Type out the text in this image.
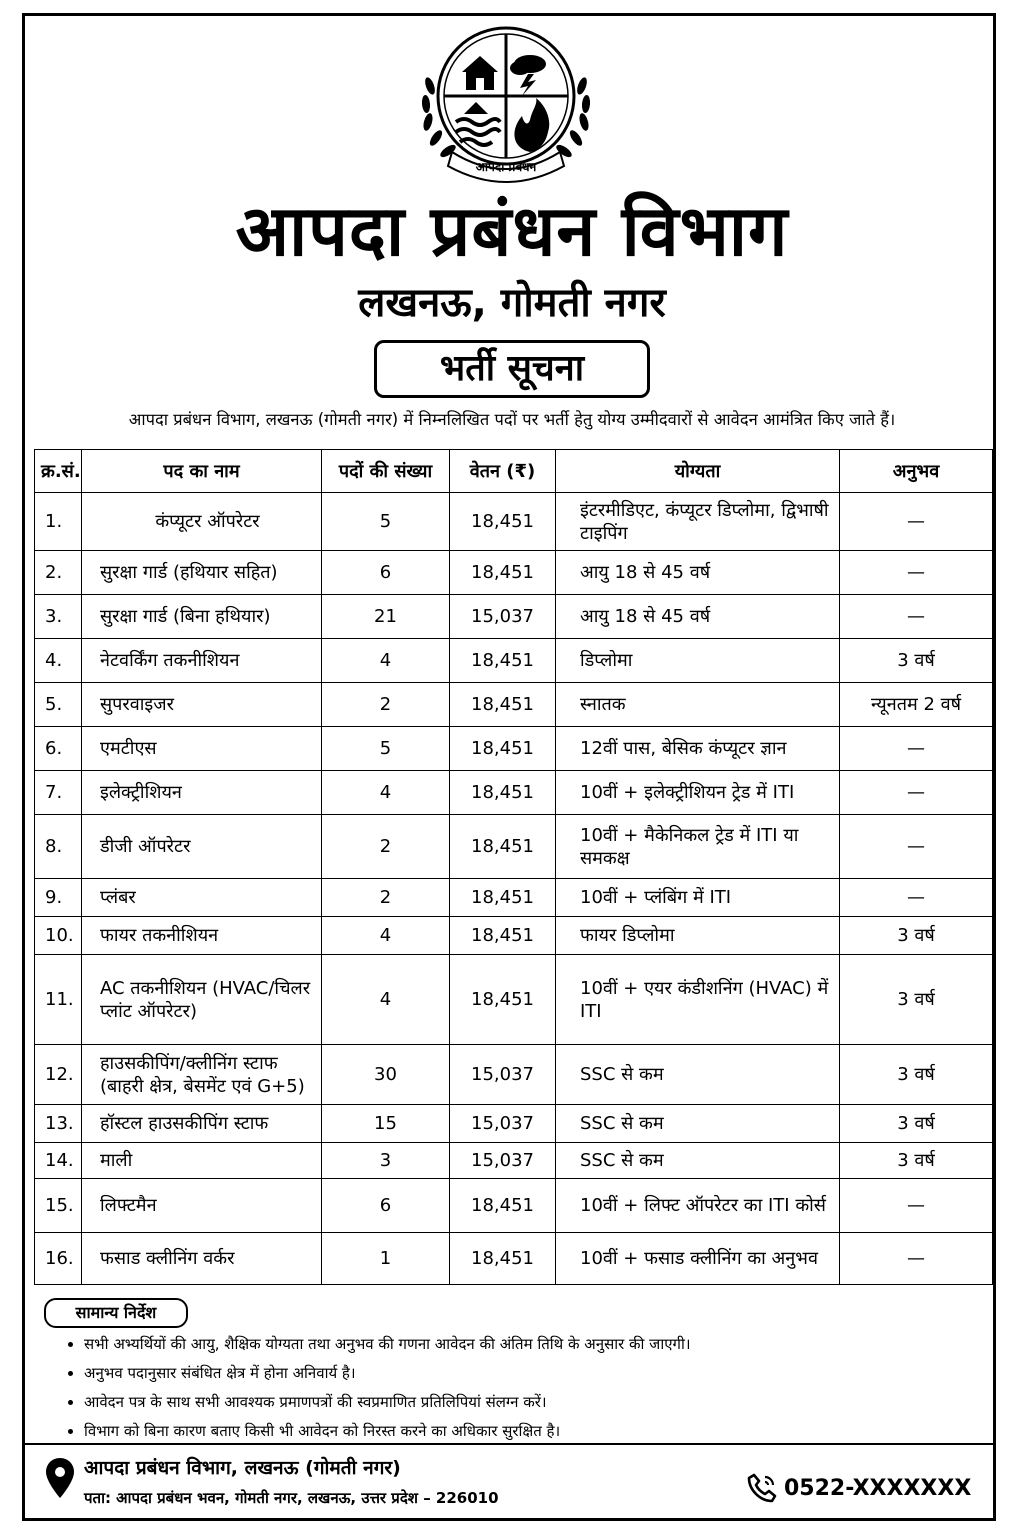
आपदा प्रबंधन
आपदा प्रबंधन विभाग
लखनऊ, गोमती नगर
भर्ती सूचना
आपदा प्रबंधन विभाग, लखनऊ (गोमती नगर) में निम्नलिखित पदों पर भर्ती हेतु योग्य उम्मीदवारों से आवेदन आमंत्रित किए जाते हैं।
क्र.सं.	पद का नाम	पदों की संख्या	वेतन (₹)	योग्यता	अनुभव
1.	कंप्यूटर ऑपरेटर	5	18,451	इंटरमीडिएट, कंप्यूटर डिप्लोमा, द्विभाषी टाइपिंग	—
2.	सुरक्षा गार्ड (हथियार सहित)	6	18,451	आयु 18 से 45 वर्ष	—
3.	सुरक्षा गार्ड (बिना हथियार)	21	15,037	आयु 18 से 45 वर्ष	—
4.	नेटवर्किंग तकनीशियन	4	18,451	डिप्लोमा	3 वर्ष
5.	सुपरवाइजर	2	18,451	स्नातक	न्यूनतम 2 वर्ष
6.	एमटीएस	5	18,451	12वीं पास, बेसिक कंप्यूटर ज्ञान	—
7.	इलेक्ट्रीशियन	4	18,451	10वीं + इलेक्ट्रीशियन ट्रेड में ITI	—
8.	डीजी ऑपरेटर	2	18,451	10वीं + मैकेनिकल ट्रेड में ITI या समकक्ष	—
9.	प्लंबर	2	18,451	10वीं + प्लंबिंग में ITI	—
10.	फायर तकनीशियन	4	18,451	फायर डिप्लोमा	3 वर्ष
11.	AC तकनीशियन (HVAC/चिलर प्लांट ऑपरेटर)	4	18,451	10वीं + एयर कंडीशनिंग (HVAC) में ITI	3 वर्ष
12.	हाउसकीपिंग/क्लीनिंग स्टाफ (बाहरी क्षेत्र, बेसमेंट एवं G+5)	30	15,037	SSC से कम	3 वर्ष
13.	हॉस्टल हाउसकीपिंग स्टाफ	15	15,037	SSC से कम	3 वर्ष
14.	माली	3	15,037	SSC से कम	3 वर्ष
15.	लिफ्टमैन	6	18,451	10वीं + लिफ्ट ऑपरेटर का ITI कोर्स	—
16.	फसाड क्लीनिंग वर्कर	1	18,451	10वीं + फसाड क्लीनिंग का अनुभव	—
सामान्य निर्देश
• सभी अभ्यर्थियों की आयु, शैक्षिक योग्यता तथा अनुभव की गणना आवेदन की अंतिम तिथि के अनुसार की जाएगी।
• अनुभव पदानुसार संबंधित क्षेत्र में होना अनिवार्य है।
• आवेदन पत्र के साथ सभी आवश्यक प्रमाणपत्रों की स्वप्रमाणित प्रतिलिपियां संलग्न करें।
• विभाग को बिना कारण बताए किसी भी आवेदन को निरस्त करने का अधिकार सुरक्षित है।
आपदा प्रबंधन विभाग, लखनऊ (गोमती नगर)
पता: आपदा प्रबंधन भवन, गोमती नगर, लखनऊ, उत्तर प्रदेश – 226010	0522-XXXXXXX
